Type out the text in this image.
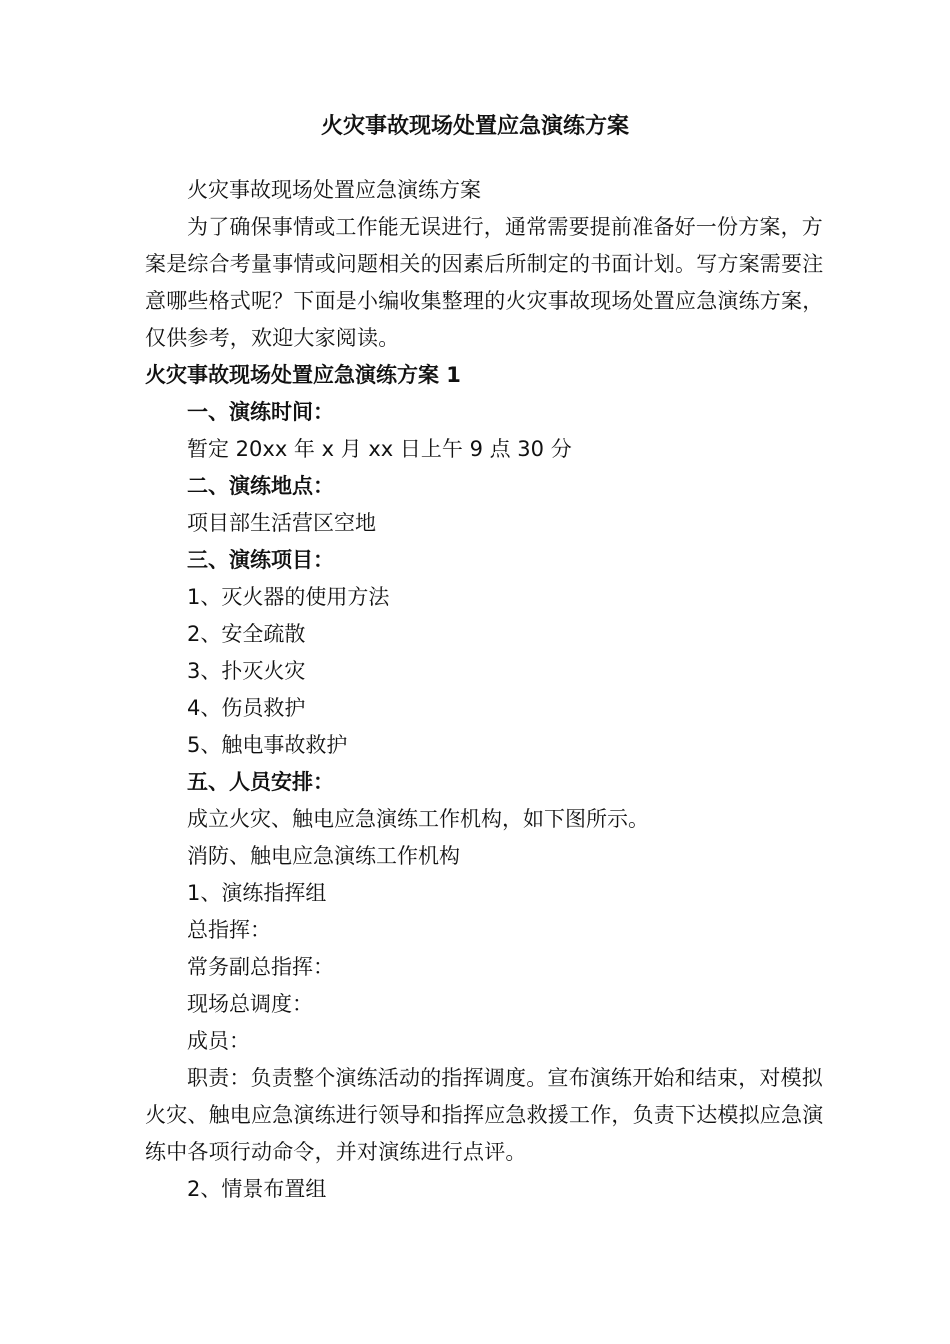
火灾事故现场处置应急演练方案

火灾事故现场处置应急演练方案

为了确保事情或工作能无误进行，通常需要提前准备好一份方案，方案是综合考量事情或问题相关的因素后所制定的书面计划。写方案需要注意哪些格式呢？下面是小编收集整理的火灾事故现场处置应急演练方案，仅供参考，欢迎大家阅读。

火灾事故现场处置应急演练方案 1

一、演练时间：

暂定 20xx 年 x 月 xx 日上午 9 点 30 分

二、演练地点：

项目部生活营区空地

三、演练项目：

1、灭火器的使用方法

2、安全疏散

3、扑灭火灾

4、伤员救护

5、触电事故救护

五、人员安排：

成立火灾、触电应急演练工作机构，如下图所示。

消防、触电应急演练工作机构

1、演练指挥组

总指挥：

常务副总指挥：

现场总调度：

成员：

职责：负责整个演练活动的指挥调度。宣布演练开始和结束，对模拟火灾、触电应急演练进行领导和指挥应急救援工作，负责下达模拟应急演练中各项行动命令，并对演练进行点评。

2、情景布置组
